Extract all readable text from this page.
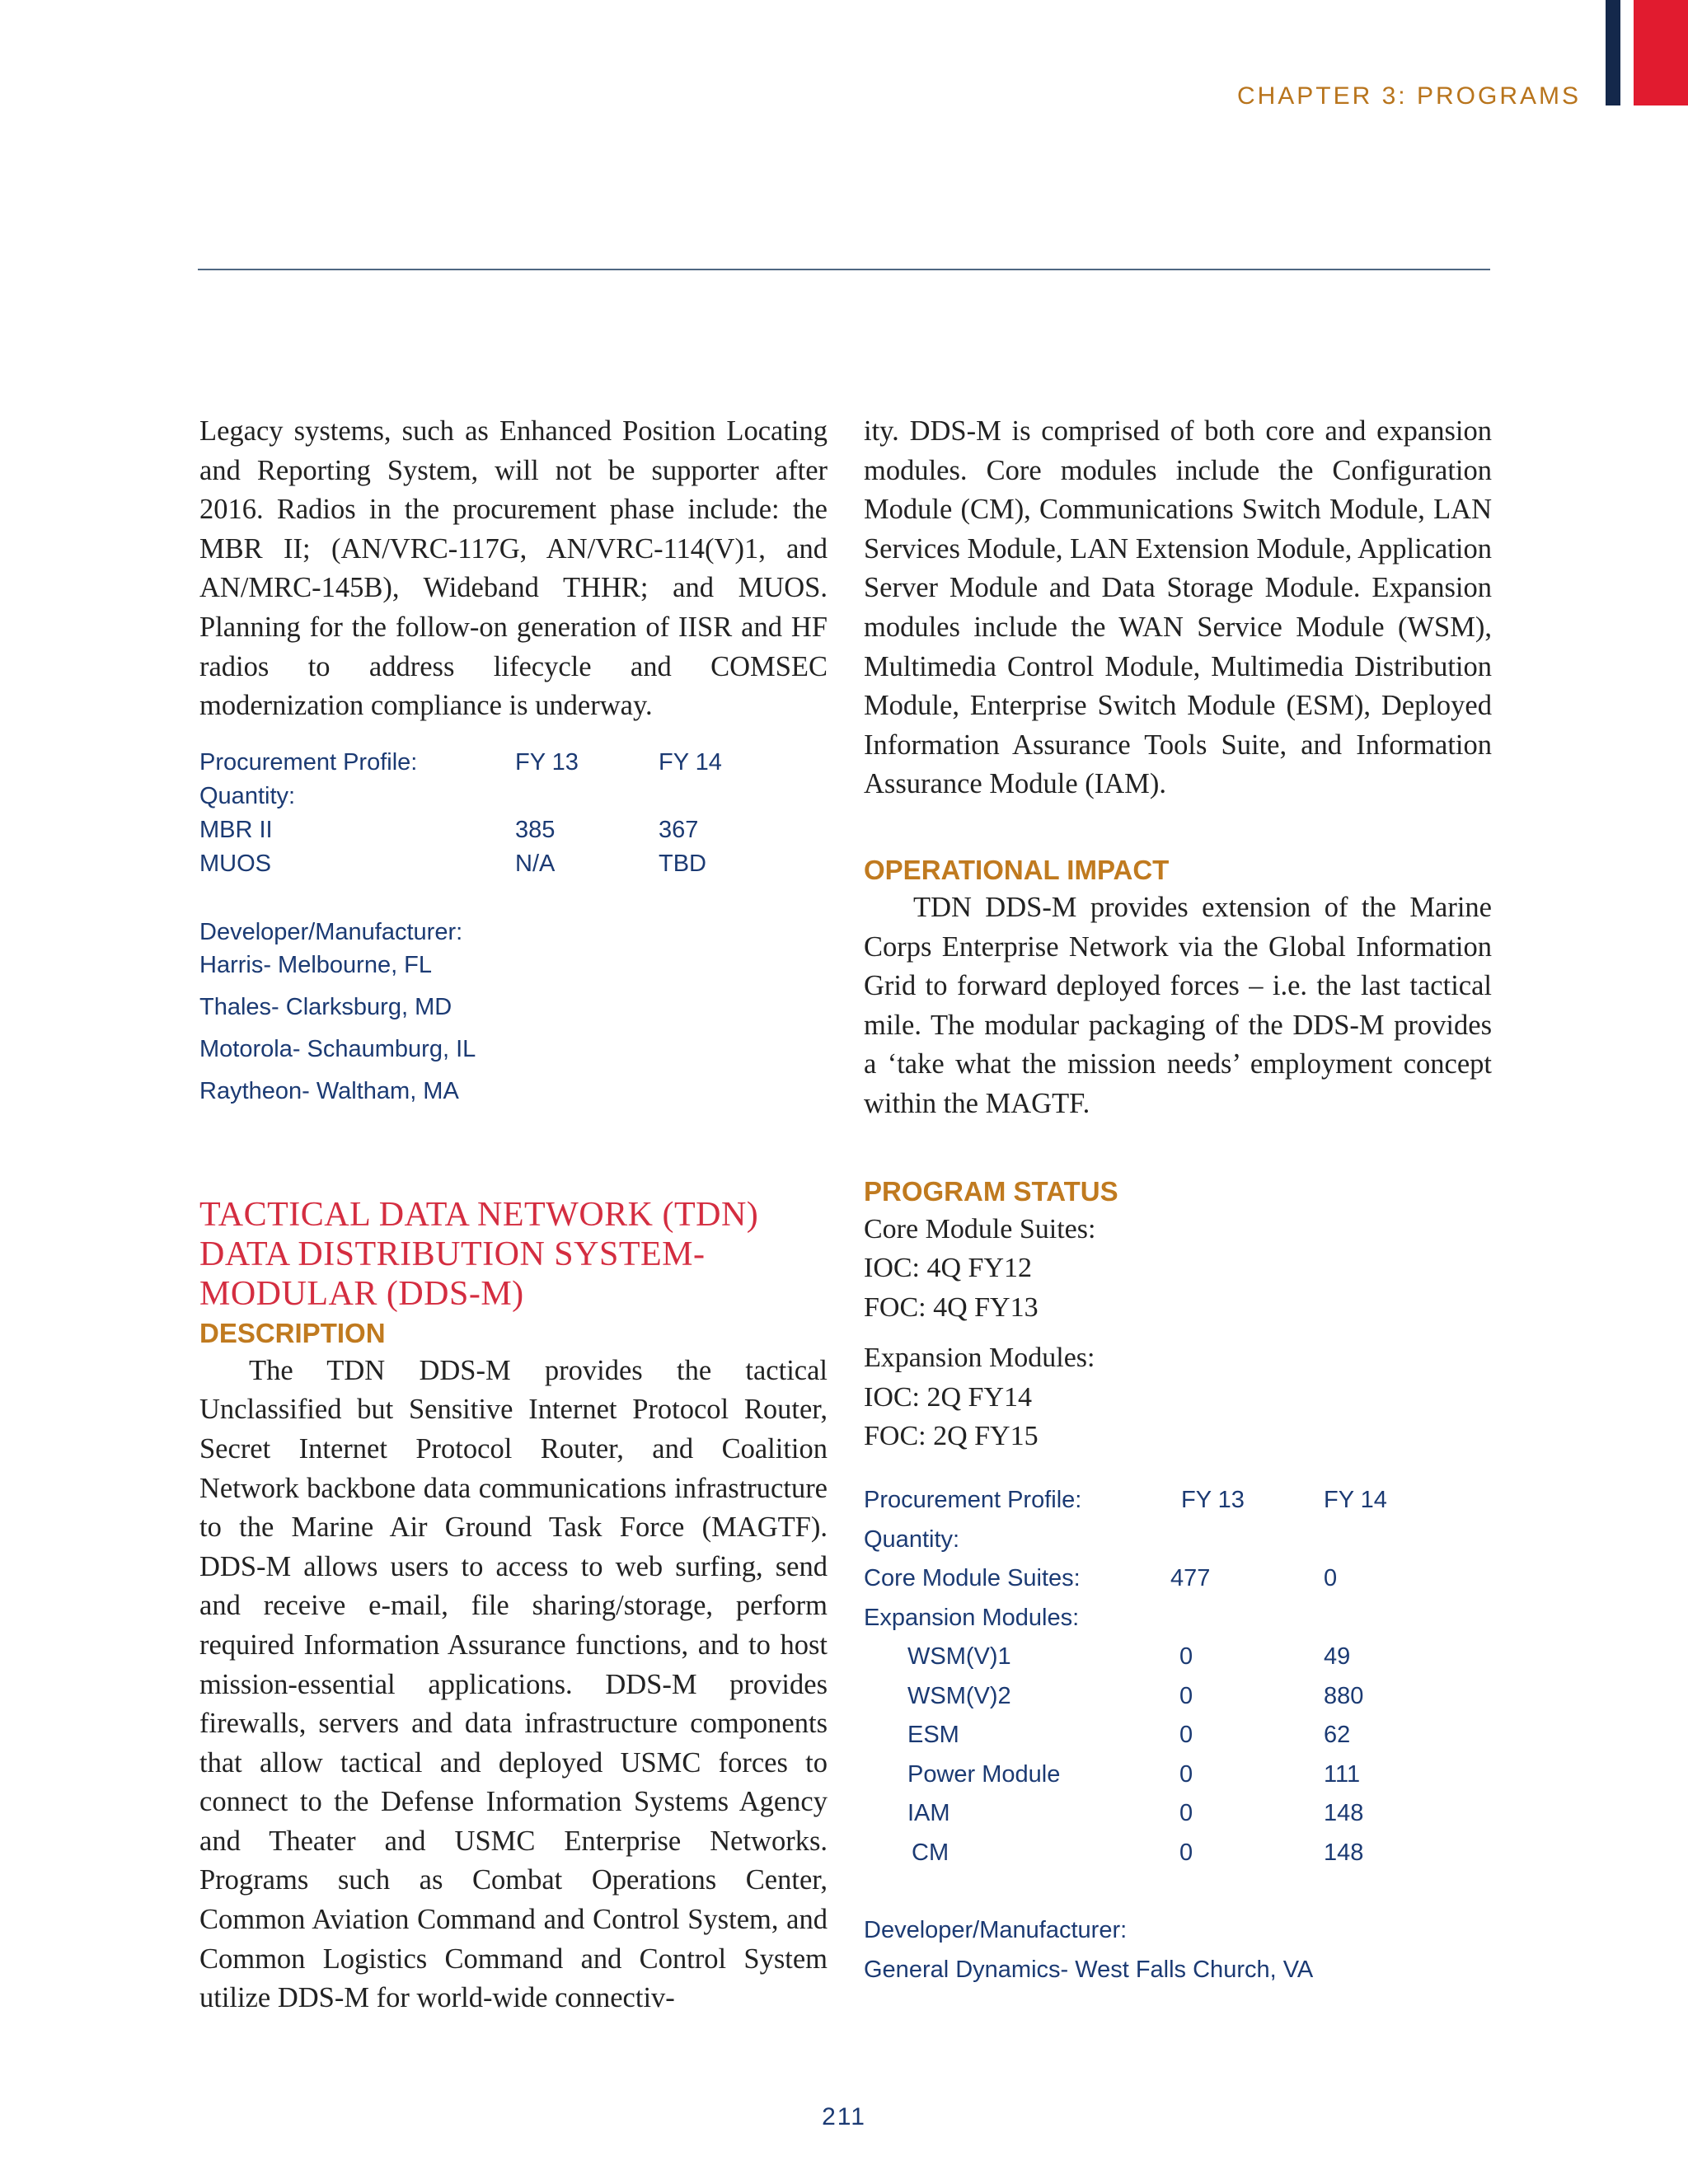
CHAPTER 3: PROGRAMS

Legacy systems, such as Enhanced Position Locating and Reporting System, will not be supporter after 2016. Radios in the procurement phase include: the MBR II; (AN/VRC-117G, AN/VRC-114(V)1, and AN/MRC-145B), Wideband THHR; and MUOS. Planning for the follow-on generation of IISR and HF radios to address lifecycle and COMSEC modernization compliance is underway.

Procurement Profile:	FY 13	FY 14
Quantity:
MBR II	385	367
MUOS	N/A	TBD
Developer/Manufacturer:
Harris- Melbourne, FL
Thales- Clarksburg, MD
Motorola- Schaumburg, IL
Raytheon- Waltham, MA
TACTICAL DATA NETWORK (TDN)
DATA DISTRIBUTION SYSTEM-
MODULAR (DDS-M)
DESCRIPTION

The TDN DDS-M provides the tactical Unclassified but Sensitive Internet Protocol Router, Secret Internet Protocol Router, and Coalition Network backbone data communications infrastructure to the Marine Air Ground Task Force (MAGTF). DDS-M allows users to access to web surfing, send and receive e-mail, file sharing/storage, perform required Information Assurance functions, and to host mission-essential applications. DDS-M provides firewalls, servers and data infrastructure components that allow tactical and deployed USMC forces to connect to the Defense Information Systems Agency and Theater and USMC Enterprise Networks. Programs such as Combat Operations Center, Common Aviation Command and Control System, and Common Logistics Command and Control System utilize DDS-M for world-wide connectiv-

ity. DDS-M is comprised of both core and expansion modules. Core modules include the Configuration Module (CM), Communications Switch Module, LAN Services Module, LAN Extension Module, Application Server Module and Data Storage Module. Expansion modules include the WAN Service Module (WSM), Multimedia Control Module, Multimedia Distribution Module, Enterprise Switch Module (ESM), Deployed Information Assurance Tools Suite, and Information Assurance Module (IAM).

OPERATIONAL IMPACT

TDN DDS-M provides extension of the Marine Corps Enterprise Network via the Global Information Grid to forward deployed forces – i.e. the last tactical mile. The modular packaging of the DDS-M provides a ‘take what the mission needs’ employment concept within the MAGTF.

PROGRAM STATUS

Core Module Suites:

IOC: 4Q FY12

FOC: 4Q FY13

Expansion Modules:

IOC: 2Q FY14

FOC: 2Q FY15

Procurement Profile:	FY 13	FY 14
Quantity:
Core Module Suites:	477	0
Expansion Modules:
WSM(V)1	0	49
WSM(V)2	0	880
ESM	0	62
Power Module	0	111
IAM	0	148
CM	0	148
Developer/Manufacturer:
General Dynamics- West Falls Church, VA
211
